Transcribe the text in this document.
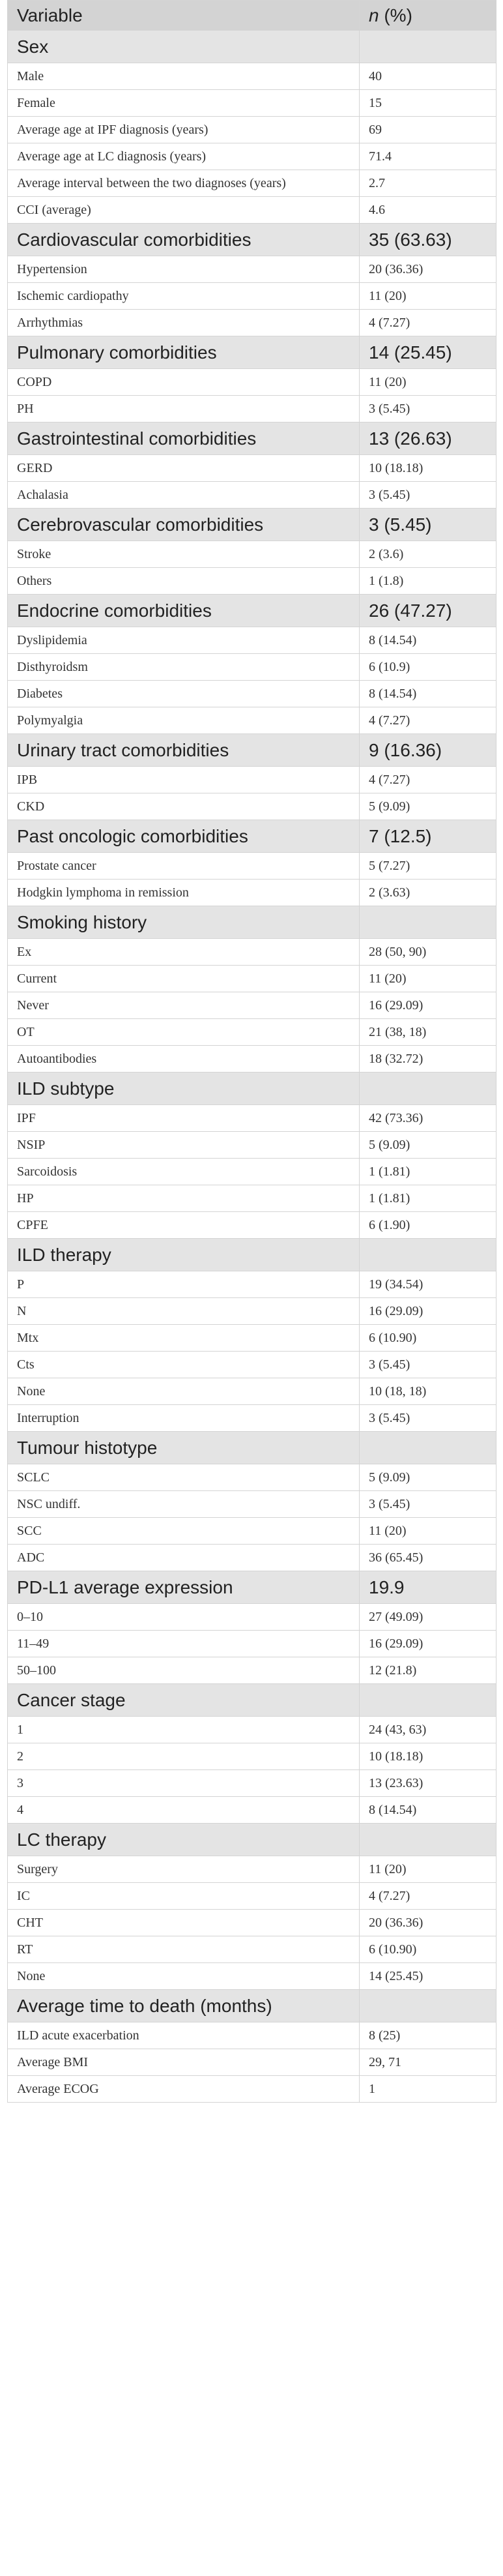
Variable	n (%)
Sex	
Male	40
Female	15
Average age at IPF diagnosis (years)	69
Average age at LC diagnosis (years)	71.4
Average interval between the two diagnoses (years)	2.7
CCI (average)	4.6
Cardiovascular comorbidities	35 (63.63)
Hypertension	20 (36.36)
Ischemic cardiopathy	11 (20)
Arrhythmias	4 (7.27)
Pulmonary comorbidities	14 (25.45)
COPD	11 (20)
PH	3 (5.45)
Gastrointestinal comorbidities	13 (26.63)
GERD	10 (18.18)
Achalasia	3 (5.45)
Cerebrovascular comorbidities	3 (5.45)
Stroke	2 (3.6)
Others	1 (1.8)
Endocrine comorbidities	26 (47.27)
Dyslipidemia	8 (14.54)
Disthyroidsm	6 (10.9)
Diabetes	8 (14.54)
Polymyalgia	4 (7.27)
Urinary tract comorbidities	9 (16.36)
IPB	4 (7.27)
CKD	5 (9.09)
Past oncologic comorbidities	7 (12.5)
Prostate cancer	5 (7.27)
Hodgkin lymphoma in remission	2 (3.63)
Smoking history	
Ex	28 (50, 90)
Current	11 (20)
Never	16 (29.09)
OT	21 (38, 18)
Autoantibodies	18 (32.72)
ILD subtype	
IPF	42 (73.36)
NSIP	5 (9.09)
Sarcoidosis	1 (1.81)
HP	1 (1.81)
CPFE	6 (1.90)
ILD therapy	
P	19 (34.54)
N	16 (29.09)
Mtx	6 (10.90)
Cts	3 (5.45)
None	10 (18, 18)
Interruption	3 (5.45)
Tumour histotype	
SCLC	5 (9.09)
NSC undiff.	3 (5.45)
SCC	11 (20)
ADC	36 (65.45)
PD-L1 average expression	19.9
0–10	27 (49.09)
11–49	16 (29.09)
50–100	12 (21.8)
Cancer stage	
1	24 (43, 63)
2	10 (18.18)
3	13 (23.63)
4	8 (14.54)
LC therapy	
Surgery	11 (20)
IC	4 (7.27)
CHT	20 (36.36)
RT	6 (10.90)
None	14 (25.45)
Average time to death (months)	
ILD acute exacerbation	8 (25)
Average BMI	29, 71
Average ECOG	1
